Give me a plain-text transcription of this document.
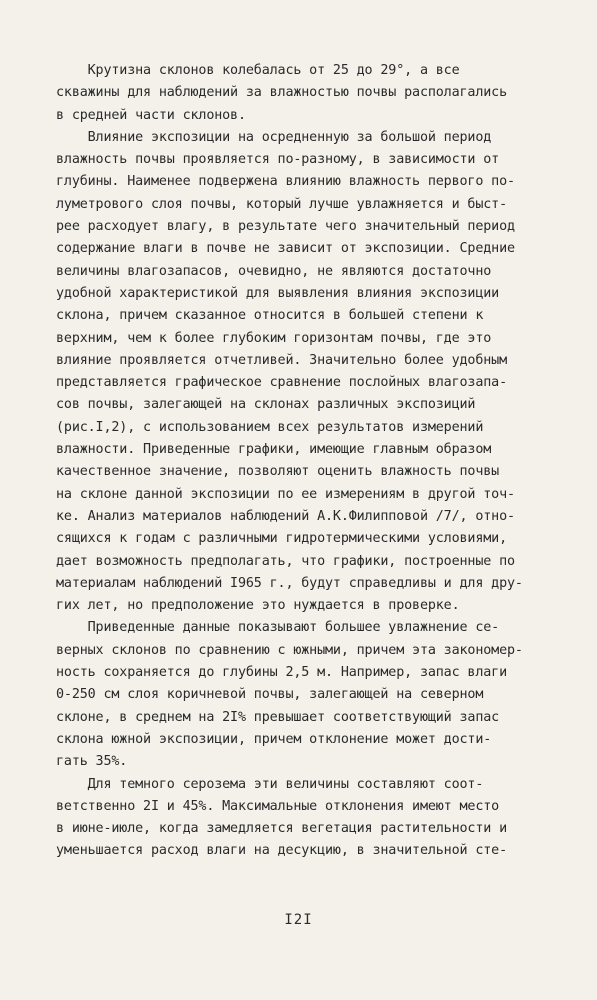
Крутизна склонов колебалась от 25 до 29°, а все
скважины для наблюдений за влажностью почвы располагались
в средней части склонов.
Влияние экспозиции на осредненную за большой период
влажность почвы проявляется по-разному, в зависимости от
глубины. Наименее подвержена влиянию влажность первого по-
луметрового слоя почвы, который лучше увлажняется и быст-
рее расходует влагу, в результате чего значительный период
содержание влаги в почве не зависит от экспозиции. Средние
величины влагозапасов, очевидно, не являются достаточно
удобной характеристикой для выявления влияния экспозиции
склона, причем сказанное относится в большей степени к
верхним, чем к более глубоким горизонтам почвы, где это
влияние проявляется отчетливей. Значительно более удобным
представляется графическое сравнение послойных влагозапа-
сов почвы, залегающей на склонах различных экспозиций
(рис.I,2), с использованием всех результатов измерений
влажности. Приведенные графики, имеющие главным образом
качественное значение, позволяют оценить влажность почвы
на склоне данной экспозиции по ее измерениям в другой точ-
ке. Анализ материалов наблюдений А.К.Филипповой /7/, отно-
сящихся к годам с различными гидротермическими условиями,
дает возможность предполагать, что графики, построенные по
материалам наблюдений I965 г., будут справедливы и для дру-
гих лет, но предположение это нуждается в проверке.
Приведенные данные показывают большее увлажнение се-
верных склонов по сравнению с южными, причем эта закономер-
ность сохраняется до глубины 2,5 м. Например, запас влаги
0-250 см слоя коричневой почвы, залегающей на северном
склоне, в среднем на 2I% превышает соответствующий запас
склона южной экспозиции, причем отклонение может дости-
гать 35%.
Для темного серозема эти величины составляют соот-
ветственно 2I и 45%. Максимальные отклонения имеют место
в июне-июле, когда замедляется вегетация растительности и
уменьшается расход влаги на десукцию, в значительной сте-
I2I
